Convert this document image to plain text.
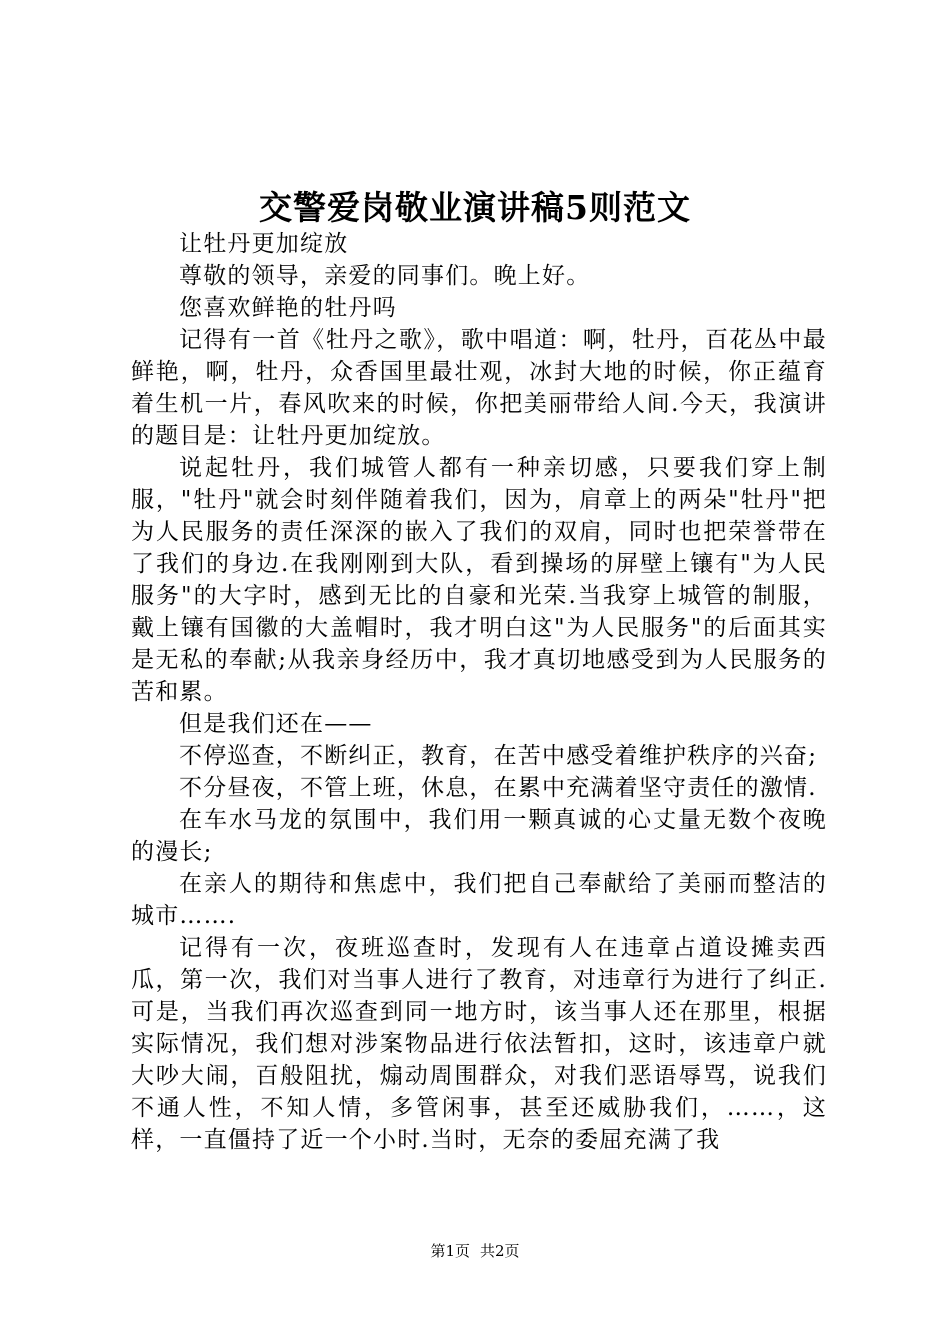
交警爱岗敬业演讲稿5则范文

让牡丹更加绽放

尊敬的领导，亲爱的同事们。晚上好。

您喜欢鲜艳的牡丹吗

记得有一首《牡丹之歌》，歌中唱道：啊，牡丹，百花丛中最鲜艳，啊，牡丹，众香国里最壮观，冰封大地的时候，你正蕴育着生机一片，春风吹来的时候，你把美丽带给人间.今天，我演讲的题目是：让牡丹更加绽放。

说起牡丹，我们城管人都有一种亲切感，只要我们穿上制服，"牡丹"就会时刻伴随着我们，因为，肩章上的两朵"牡丹"把为人民服务的责任深深的嵌入了我们的双肩，同时也把荣誉带在了我们的身边.在我刚刚到大队，看到操场的屏壁上镶有"为人民服务"的大字时，感到无比的自豪和光荣.当我穿上城管的制服，戴上镶有国徽的大盖帽时，我才明白这"为人民服务"的后面其实是无私的奉献;从我亲身经历中，我才真切地感受到为人民服务的苦和累。

但是我们还在——

不停巡查，不断纠正，教育，在苦中感受着维护秩序的兴奋;

不分昼夜，不管上班，休息，在累中充满着坚守责任的激情.

在车水马龙的氛围中，我们用一颗真诚的心丈量无数个夜晚的漫长;

在亲人的期待和焦虑中，我们把自己奉献给了美丽而整洁的城市…….

记得有一次，夜班巡查时，发现有人在违章占道设摊卖西瓜，第一次，我们对当事人进行了教育，对违章行为进行了纠正.可是，当我们再次巡查到同一地方时，该当事人还在那里，根据实际情况，我们想对涉案物品进行依法暂扣，这时，该违章户就大吵大闹，百般阻扰，煽动周围群众，对我们恶语辱骂，说我们不通人性，不知人情，多管闲事，甚至还威胁我们，……，这样，一直僵持了近一个小时.当时，无奈的委屈充满了我

第1页 共2页
